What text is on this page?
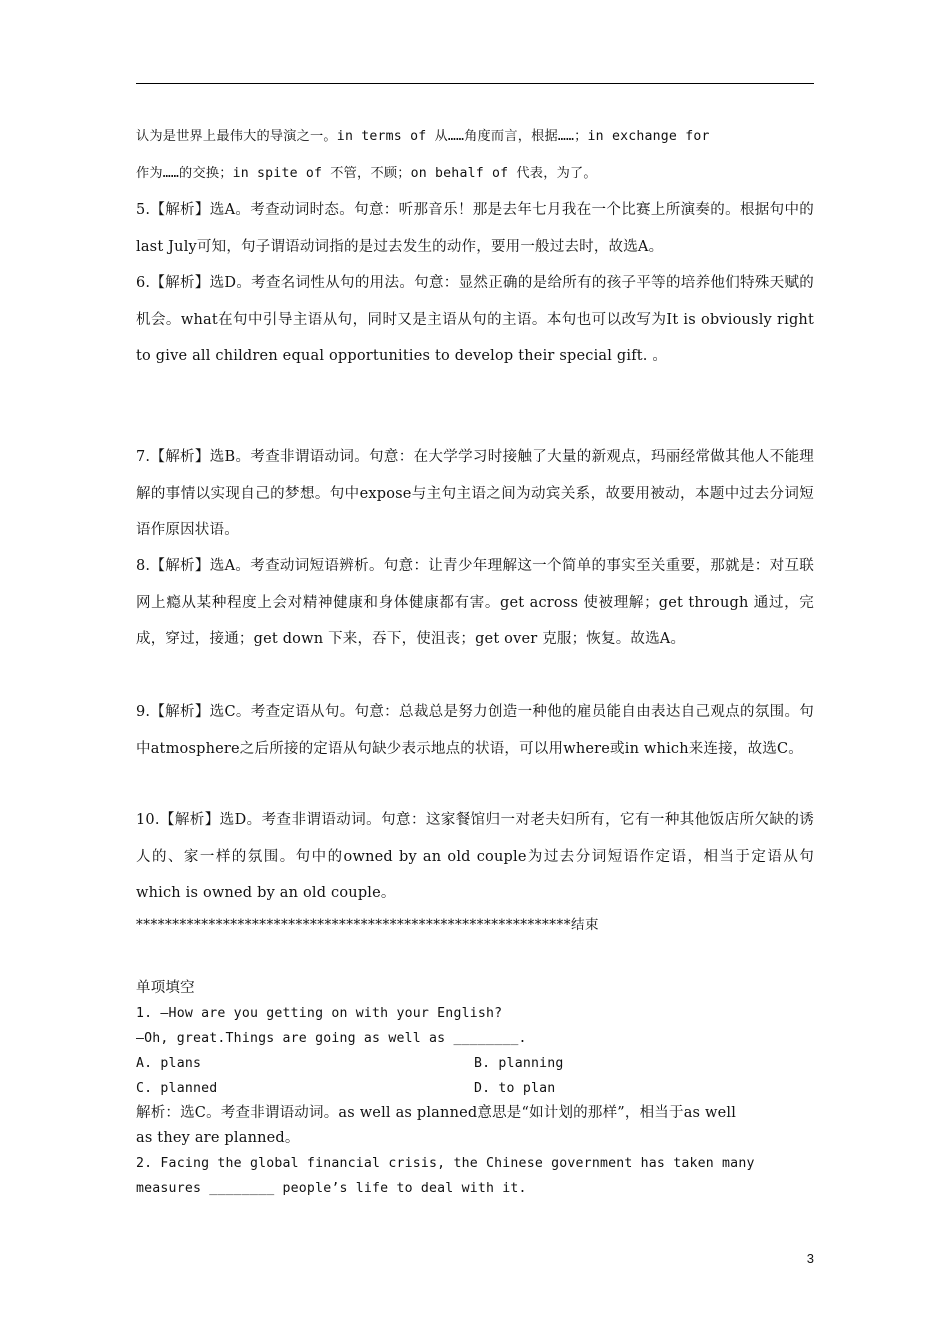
认为是世界上最伟大的导演之一。in terms of 从……角度而言，根据……；in exchange for
作为……的交换；in spite of 不管，不顾；on behalf of 代表，为了。
5.【解析】选A。考查动词时态。句意：听那音乐！那是去年七月我在一个比赛上所演奏的。根据句中的last July可知，句子谓语动词指的是过去发生的动作，要用一般过去时，故选A。
6.【解析】选D。考查名词性从句的用法。句意：显然正确的是给所有的孩子平等的培养他们特殊天赋的机会。what在句中引导主语从句，同时又是主语从句的主语。本句也可以改写为It is obviously right to give all children equal opportunities to develop their special gift. 。
7.【解析】选B。考查非谓语动词。句意：在大学学习时接触了大量的新观点，玛丽经常做其他人不能理解的事情以实现自己的梦想。句中expose与主句主语之间为动宾关系，故要用被动，本题中过去分词短语作原因状语。
8.【解析】选A。考查动词短语辨析。句意：让青少年理解这一个简单的事实至关重要，那就是：对互联网上瘾从某种程度上会对精神健康和身体健康都有害。get across 使被理解；get through 通过，完成，穿过，接通；get down 下来，吞下，使沮丧；get over 克服；恢复。故选A。
9.【解析】选C。考查定语从句。句意：总裁总是努力创造一种他的雇员能自由表达自己观点的氛围。句中atmosphere之后所接的定语从句缺少表示地点的状语，可以用where或in which来连接，故选C。
10.【解析】选D。考查非谓语动词。句意：这家餐馆归一对老夫妇所有，它有一种其他饭店所欠缺的诱人的、家一样的氛围。句中的owned by an old couple为过去分词短语作定语，相当于定语从句which is owned by an old couple。
************************************************************结束
单项填空
1. —How are you getting on with your English?
—Oh, great.Things are going as well as ________.
A. plans	B. planning
C. planned	D. to plan
解析：选C。考查非谓语动词。as well as planned意思是“如计划的那样”，相当于as well
as they are planned。
2. Facing the global financial crisis, the Chinese government has taken many
measures ________ people’s life to deal with it.
3
